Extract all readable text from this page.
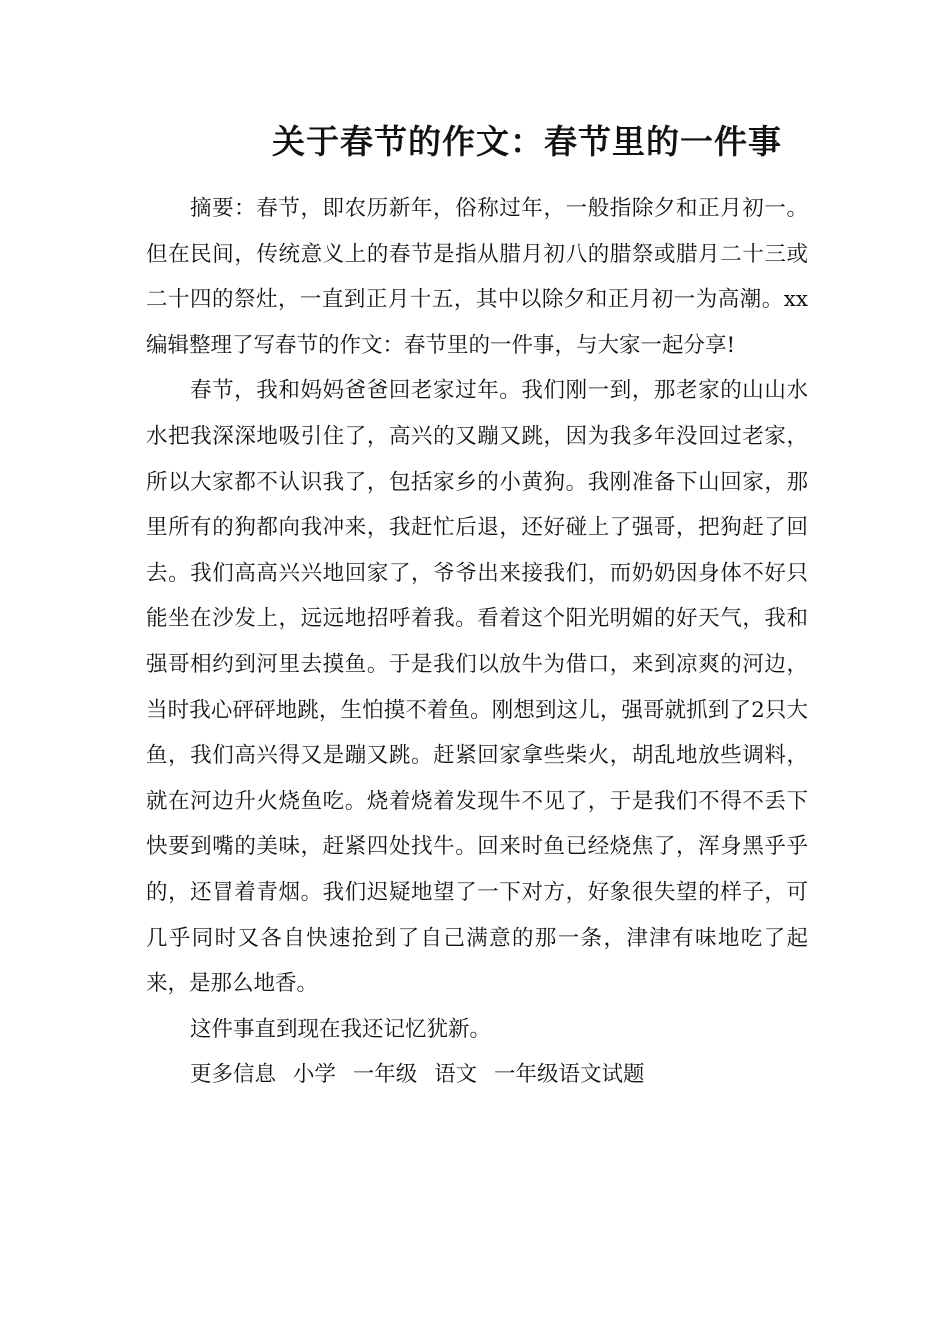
关于春节的作文：春节里的一件事

摘要：春节，即农历新年，俗称过年，一般指除夕和正月初一。但在民间，传统意义上的春节是指从腊月初八的腊祭或腊月二十三或二十四的祭灶，一直到正月十五，其中以除夕和正月初一为高潮。xx编辑整理了写春节的作文：春节里的一件事，与大家一起分享!

春节，我和妈妈爸爸回老家过年。我们刚一到，那老家的山山水水把我深深地吸引住了，高兴的又蹦又跳，因为我多年没回过老家，所以大家都不认识我了，包括家乡的小黄狗。我刚准备下山回家，那里所有的狗都向我冲来，我赶忙后退，还好碰上了强哥，把狗赶了回去。我们高高兴兴地回家了，爷爷出来接我们，而奶奶因身体不好只能坐在沙发上，远远地招呼着我。看着这个阳光明媚的好天气，我和强哥相约到河里去摸鱼。于是我们以放牛为借口，来到凉爽的河边，当时我心砰砰地跳，生怕摸不着鱼。刚想到这儿，强哥就抓到了2只大鱼，我们高兴得又是蹦又跳。赶紧回家拿些柴火，胡乱地放些调料，就在河边升火烧鱼吃。烧着烧着发现牛不见了，于是我们不得不丢下快要到嘴的美味，赶紧四处找牛。回来时鱼已经烧焦了，浑身黑乎乎的，还冒着青烟。我们迟疑地望了一下对方，好象很失望的样子，可几乎同时又各自快速抢到了自己满意的那一条，津津有味地吃了起来，是那么地香。

这件事直到现在我还记忆犹新。

更多信息 小学 一年级 语文 一年级语文试题
